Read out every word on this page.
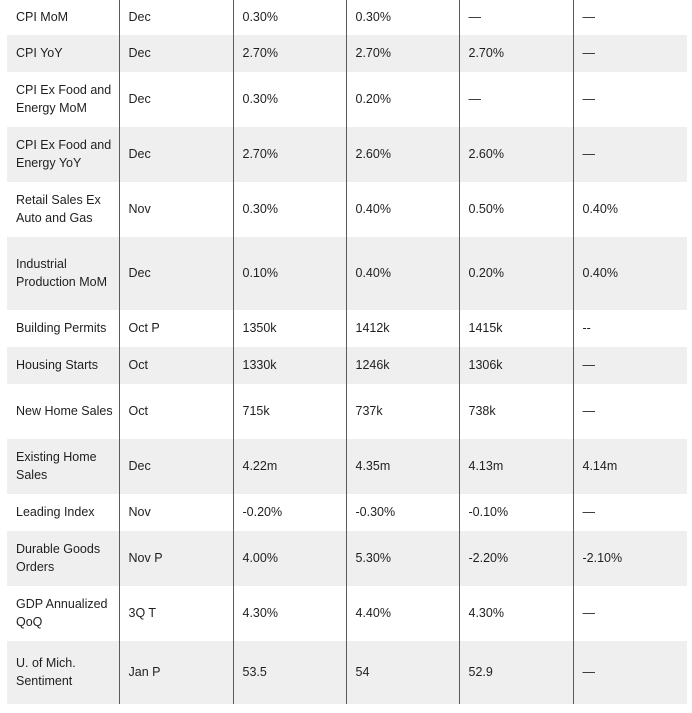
CPI MoM	Dec	0.30%	0.30%	—	—
CPI YoY	Dec	2.70%	2.70%	2.70%	—
CPI Ex Food and Energy MoM	Dec	0.30%	0.20%	—	—
CPI Ex Food and Energy YoY	Dec	2.70%	2.60%	2.60%	—
Retail Sales Ex Auto and Gas	Nov	0.30%	0.40%	0.50%	0.40%
Industrial Production MoM	Dec	0.10%	0.40%	0.20%	0.40%
Building Permits	Oct P	1350k	1412k	1415k	--
Housing Starts	Oct	1330k	1246k	1306k	—
New Home Sales	Oct	715k	737k	738k	—
Existing Home Sales	Dec	4.22m	4.35m	4.13m	4.14m
Leading Index	Nov	-0.20%	-0.30%	-0.10%	—
Durable Goods Orders	Nov P	4.00%	5.30%	-2.20%	-2.10%
GDP Annualized QoQ	3Q T	4.30%	4.40%	4.30%	—
U. of Mich. Sentiment	Jan P	53.5	54	52.9	—
